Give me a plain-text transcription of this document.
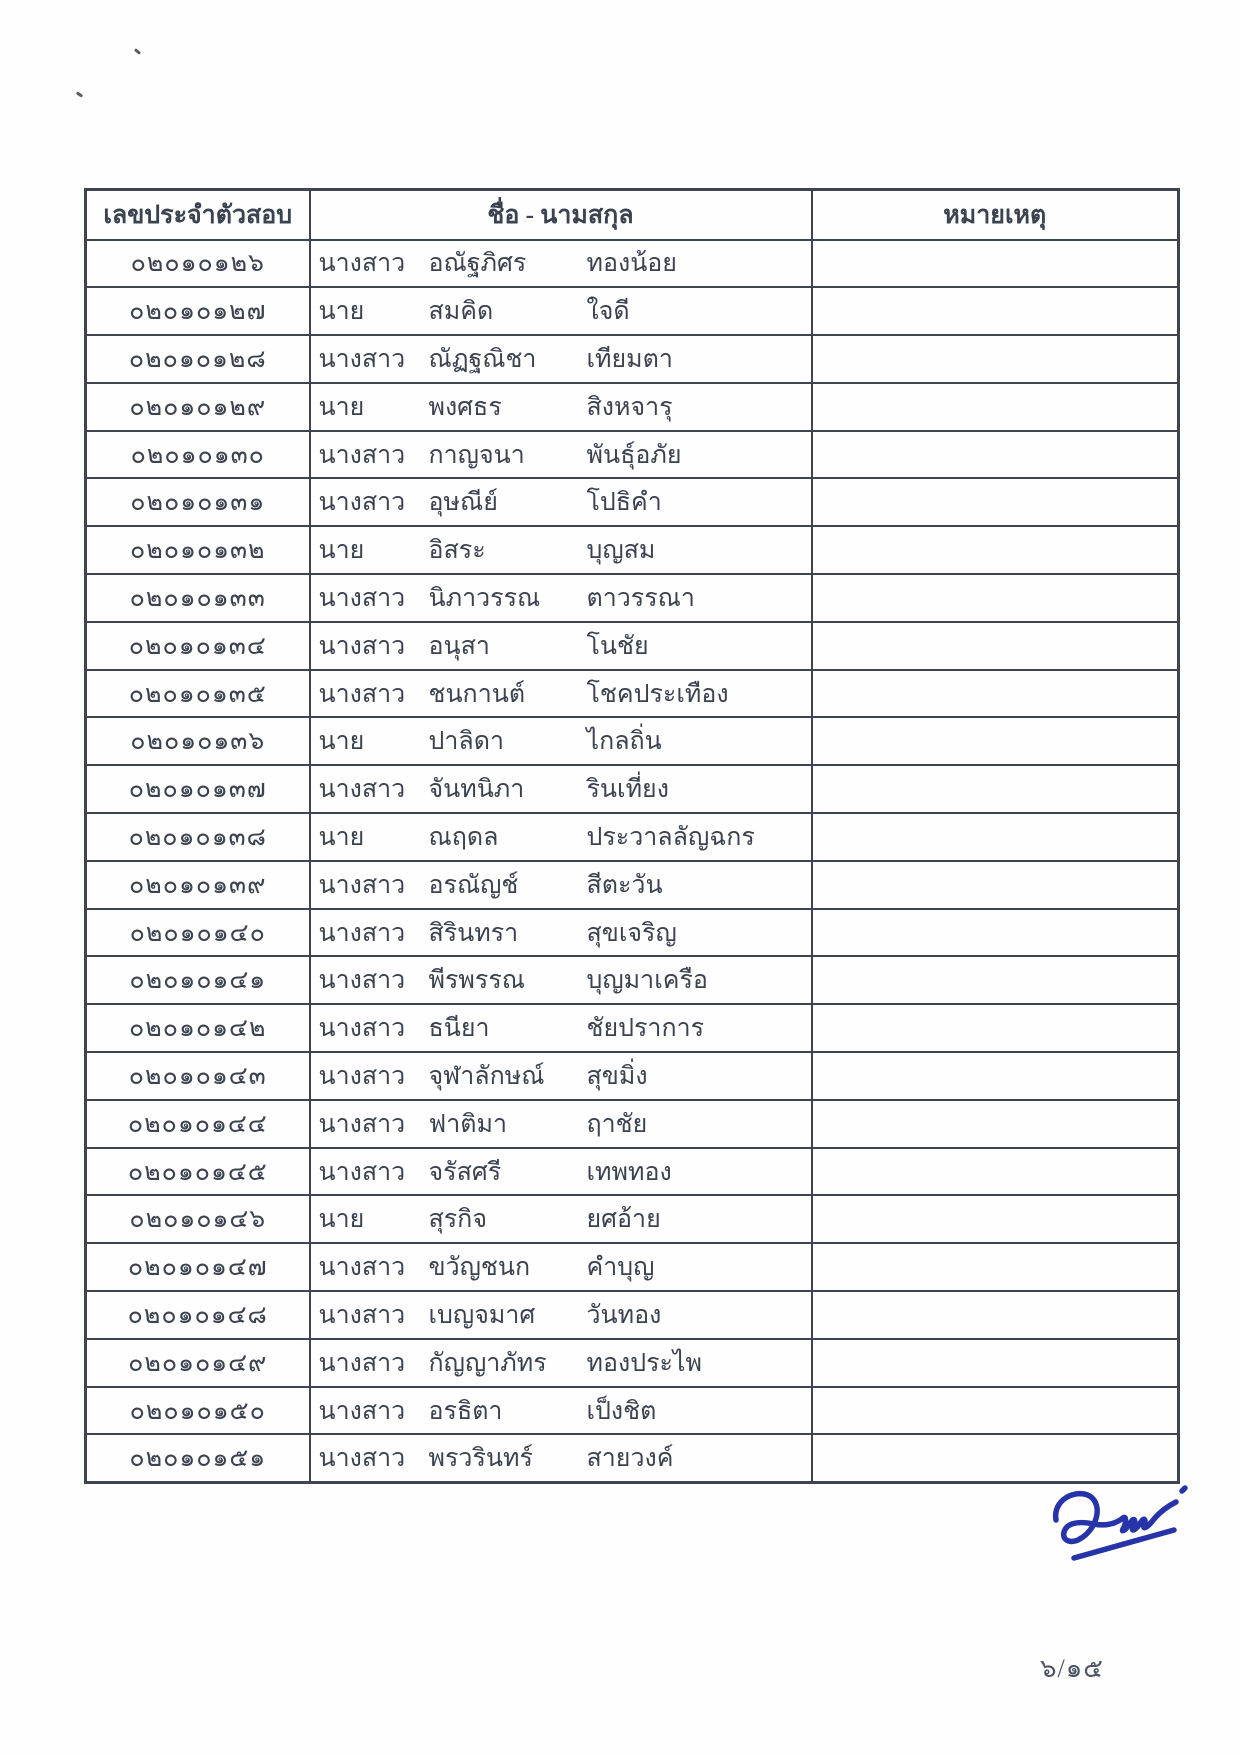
เลขประจำตัวสอบ	ชื่อ - นามสกุล	หมายเหตุ
๐๒๐๑๐๑๒๖	นางสาว อณัฐภิศร ทองน้อย	

๐๒๐๑๐๑๒๗	นาย สมคิด ใจดี	

๐๒๐๑๐๑๒๘	นางสาว ณัฏฐณิชา เทียมตา	

๐๒๐๑๐๑๒๙	นาย พงศธร สิงหจารุ	

๐๒๐๑๐๑๓๐	นางสาว กาญจนา พันธุ์อภัย	

๐๒๐๑๐๑๓๑	นางสาว อุษณีย์ โปธิคำ	

๐๒๐๑๐๑๓๒	นาย อิสระ บุญสม	

๐๒๐๑๐๑๓๓	นางสาว นิภาวรรณ ตาวรรณา	

๐๒๐๑๐๑๓๔	นางสาว อนุสา โนชัย	

๐๒๐๑๐๑๓๕	นางสาว ชนกานต์ โชคประเทือง	

๐๒๐๑๐๑๓๖	นาย ปาลิดา ไกลถิ่น	

๐๒๐๑๐๑๓๗	นางสาว จันทนิภา รินเที่ยง	

๐๒๐๑๐๑๓๘	นาย ณฤดล ประวาลลัญฉกร	

๐๒๐๑๐๑๓๙	นางสาว อรณัญช์ สีตะวัน	

๐๒๐๑๐๑๔๐	นางสาว สิรินทรา สุขเจริญ	

๐๒๐๑๐๑๔๑	นางสาว พีรพรรณ บุญมาเครือ	

๐๒๐๑๐๑๔๒	นางสาว ธนียา ชัยปราการ	

๐๒๐๑๐๑๔๓	นางสาว จุฬาลักษณ์ สุขมิ่ง	

๐๒๐๑๐๑๔๔	นางสาว ฟาติมา ฤาชัย	

๐๒๐๑๐๑๔๕	นางสาว จรัสศรี เทพทอง	

๐๒๐๑๐๑๔๖	นาย สุรกิจ ยศอ้าย	

๐๒๐๑๐๑๔๗	นางสาว ขวัญชนก คำบุญ	

๐๒๐๑๐๑๔๘	นางสาว เบญจมาศ วันทอง	

๐๒๐๑๐๑๔๙	นางสาว กัญญาภัทร ทองประไพ	

๐๒๐๑๐๑๕๐	นางสาว อรธิตา เป็งชิต	

๐๒๐๑๐๑๕๑	นางสาว พรวรินทร์ สายวงค์	

๖/๑๕
